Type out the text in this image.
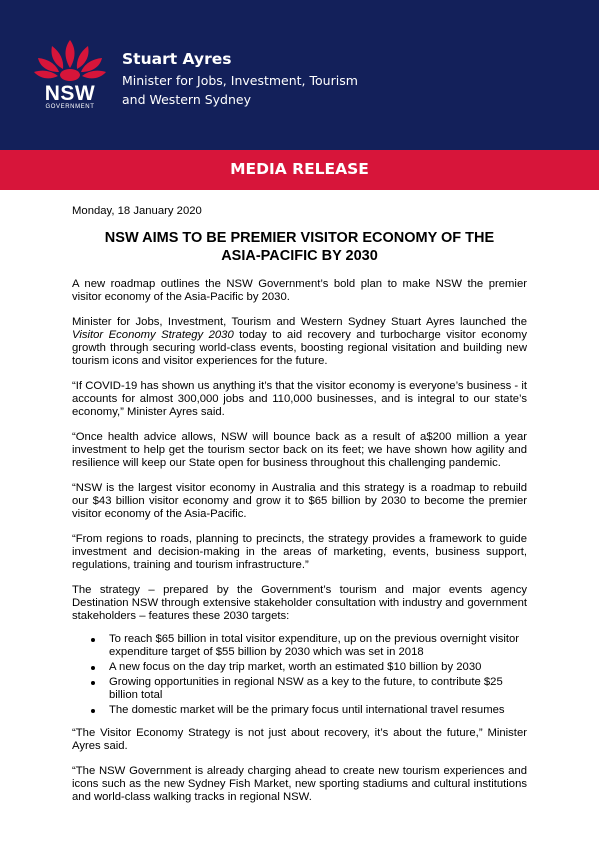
NSW
GOVERNMENT
Stuart Ayres
Minister for Jobs, Investment, Tourism
and Western Sydney
MEDIA RELEASE
Monday, 18 January 2020
NSW AIMS TO BE PREMIER VISITOR ECONOMY OF THE
ASIA-PACIFIC BY 2030

A new roadmap outlines the NSW Government’s bold plan to make NSW the premier visitor economy of the Asia-Pacific by 2030.

Minister for Jobs, Investment, Tourism and Western Sydney Stuart Ayres launched the Visitor Economy Strategy 2030 today to aid recovery and turbocharge visitor economy growth through securing world-class events, boosting regional visitation and building new tourism icons and visitor experiences for the future.

“If COVID-19 has shown us anything it’s that the visitor economy is everyone’s business - it accounts for almost 300,000 jobs and 110,000 businesses, and is integral to our state’s economy,” Minister Ayres said.

“Once health advice allows, NSW will bounce back as a result of a$200 million a year investment to help get the tourism sector back on its feet; we have shown how agility and resilience will keep our State open for business throughout this challenging pandemic.

“NSW is the largest visitor economy in Australia and this strategy is a roadmap to rebuild our $43 billion visitor economy and grow it to $65 billion by 2030 to become the premier visitor economy of the Asia-Pacific.

“From regions to roads, planning to precincts, the strategy provides a framework to guide investment and decision-making in the areas of marketing, events, business support, regulations, training and tourism infrastructure.”

The strategy – prepared by the Government’s tourism and major events agency Destination NSW through extensive stakeholder consultation with industry and government stakeholders – features these 2030 targets:

To reach $65 billion in total visitor expenditure, up on the previous overnight visitor expenditure target of $55 billion by 2030 which was set in 2018
A new focus on the day trip market, worth an estimated $10 billion by 2030
Growing opportunities in regional NSW as a key to the future, to contribute $25 billion total
The domestic market will be the primary focus until international travel resumes

“The Visitor Economy Strategy is not just about recovery, it’s about the future,” Minister Ayres said.

“The NSW Government is already charging ahead to create new tourism experiences and icons such as the new Sydney Fish Market, new sporting stadiums and cultural institutions and world-class walking tracks in regional NSW.
